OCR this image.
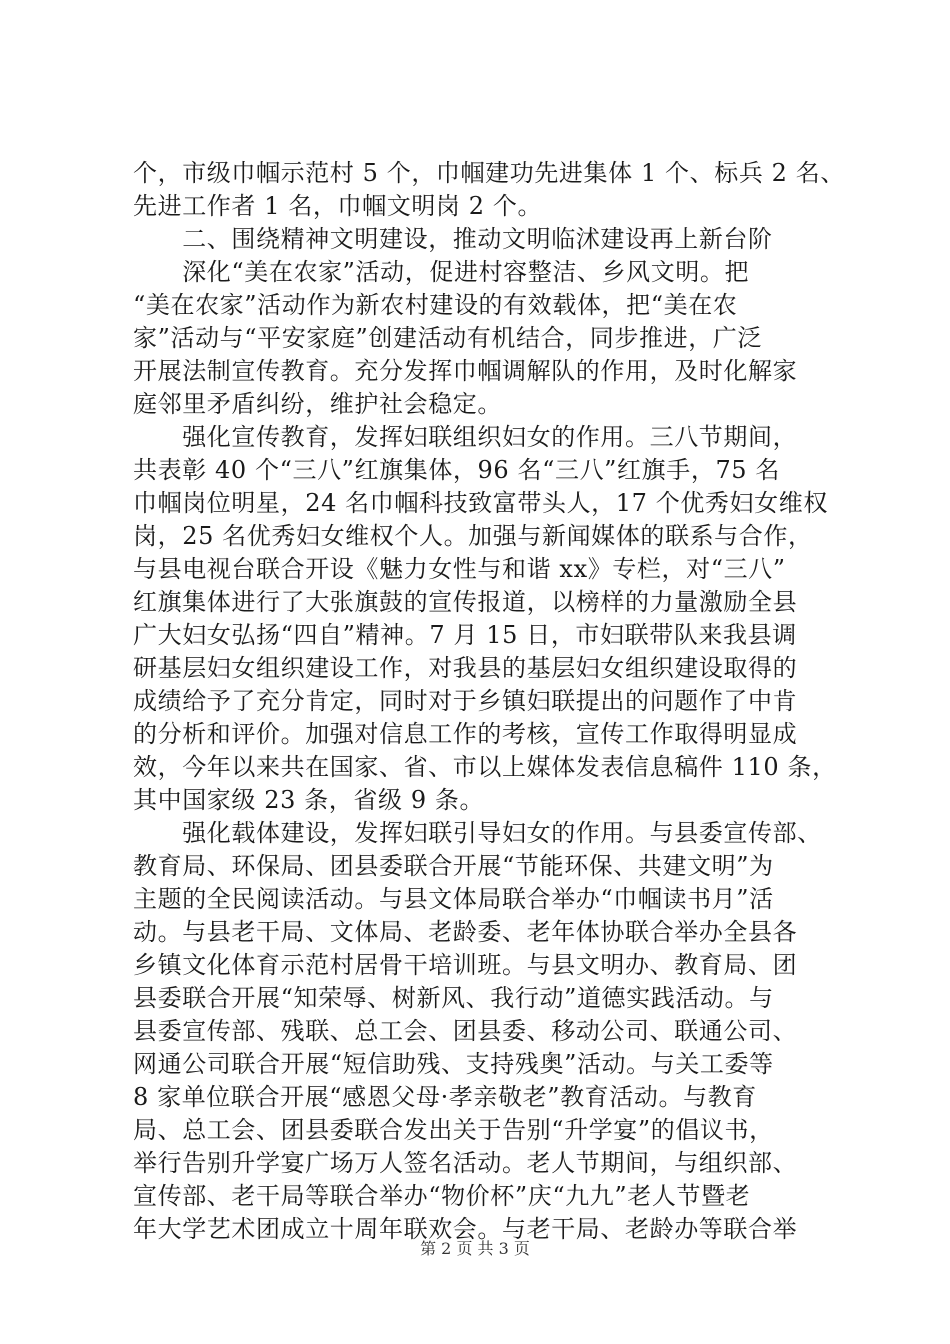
个，市级巾帼示范村 5 个，巾帼建功先进集体 1 个、标兵 2 名、
先进工作者 1 名，巾帼文明岗 2 个。
　　二、围绕精神文明建设，推动文明临沭建设再上新台阶
　　深化“美在农家”活动，促进村容整洁、乡风文明。把
“美在农家”活动作为新农村建设的有效载体，把“美在农
家”活动与“平安家庭”创建活动有机结合，同步推进，广泛
开展法制宣传教育。充分发挥巾帼调解队的作用，及时化解家
庭邻里矛盾纠纷，维护社会稳定。
　　强化宣传教育，发挥妇联组织妇女的作用。三八节期间，
共表彰 40 个“三八”红旗集体，96 名“三八”红旗手，75 名
巾帼岗位明星，24 名巾帼科技致富带头人，17 个优秀妇女维权
岗，25 名优秀妇女维权个人。加强与新闻媒体的联系与合作，
与县电视台联合开设《魅力女性与和谐 xx》专栏，对“三八”
红旗集体进行了大张旗鼓的宣传报道，以榜样的力量激励全县
广大妇女弘扬“四自”精神。7 月 15 日，市妇联带队来我县调
研基层妇女组织建设工作，对我县的基层妇女组织建设取得的
成绩给予了充分肯定，同时对于乡镇妇联提出的问题作了中肯
的分析和评价。加强对信息工作的考核，宣传工作取得明显成
效，今年以来共在国家、省、市以上媒体发表信息稿件 110 条，
其中国家级 23 条，省级 9 条。
　　强化载体建设，发挥妇联引导妇女的作用。与县委宣传部、
教育局、环保局、团县委联合开展“节能环保、共建文明”为
主题的全民阅读活动。与县文体局联合举办“巾帼读书月”活
动。与县老干局、文体局、老龄委、老年体协联合举办全县各
乡镇文化体育示范村居骨干培训班。与县文明办、教育局、团
县委联合开展“知荣辱、树新风、我行动”道德实践活动。与
县委宣传部、残联、总工会、团县委、移动公司、联通公司、
网通公司联合开展“短信助残、支持残奥”活动。与关工委等
8 家单位联合开展“感恩父母·孝亲敬老”教育活动。与教育
局、总工会、团县委联合发出关于告别“升学宴”的倡议书，
举行告别升学宴广场万人签名活动。老人节期间，与组织部、
宣传部、老干局等联合举办“物价杯”庆“九九”老人节暨老
年大学艺术团成立十周年联欢会。与老干局、老龄办等联合举
第 2 页 共 3 页
